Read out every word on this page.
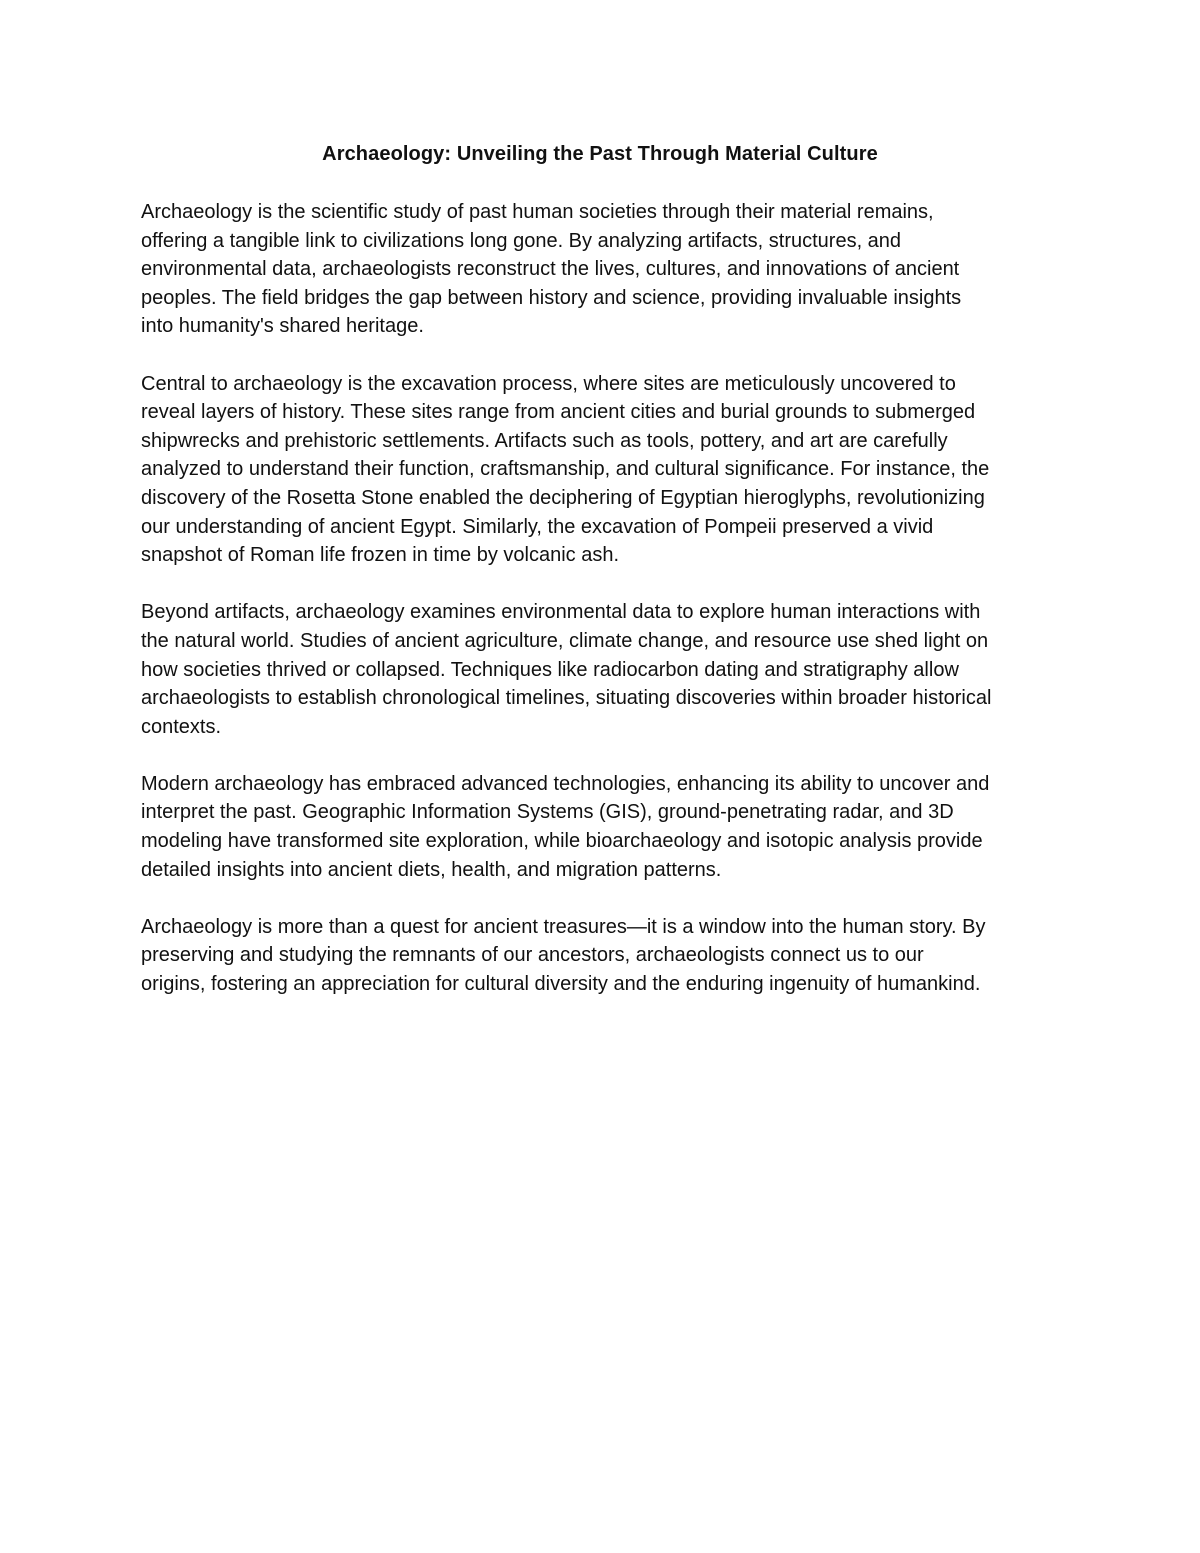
Archaeology: Unveiling the Past Through Material Culture

Archaeology is the scientific study of past human societies through their material remains,
offering a tangible link to civilizations long gone. By analyzing artifacts, structures, and
environmental data, archaeologists reconstruct the lives, cultures, and innovations of ancient
peoples. The field bridges the gap between history and science, providing invaluable insights
into humanity's shared heritage.

Central to archaeology is the excavation process, where sites are meticulously uncovered to
reveal layers of history. These sites range from ancient cities and burial grounds to submerged
shipwrecks and prehistoric settlements. Artifacts such as tools, pottery, and art are carefully
analyzed to understand their function, craftsmanship, and cultural significance. For instance, the
discovery of the Rosetta Stone enabled the deciphering of Egyptian hieroglyphs, revolutionizing
our understanding of ancient Egypt. Similarly, the excavation of Pompeii preserved a vivid
snapshot of Roman life frozen in time by volcanic ash.

Beyond artifacts, archaeology examines environmental data to explore human interactions with
the natural world. Studies of ancient agriculture, climate change, and resource use shed light on
how societies thrived or collapsed. Techniques like radiocarbon dating and stratigraphy allow
archaeologists to establish chronological timelines, situating discoveries within broader historical
contexts.

Modern archaeology has embraced advanced technologies, enhancing its ability to uncover and
interpret the past. Geographic Information Systems (GIS), ground-penetrating radar, and 3D
modeling have transformed site exploration, while bioarchaeology and isotopic analysis provide
detailed insights into ancient diets, health, and migration patterns.

Archaeology is more than a quest for ancient treasures—it is a window into the human story. By
preserving and studying the remnants of our ancestors, archaeologists connect us to our
origins, fostering an appreciation for cultural diversity and the enduring ingenuity of humankind.
